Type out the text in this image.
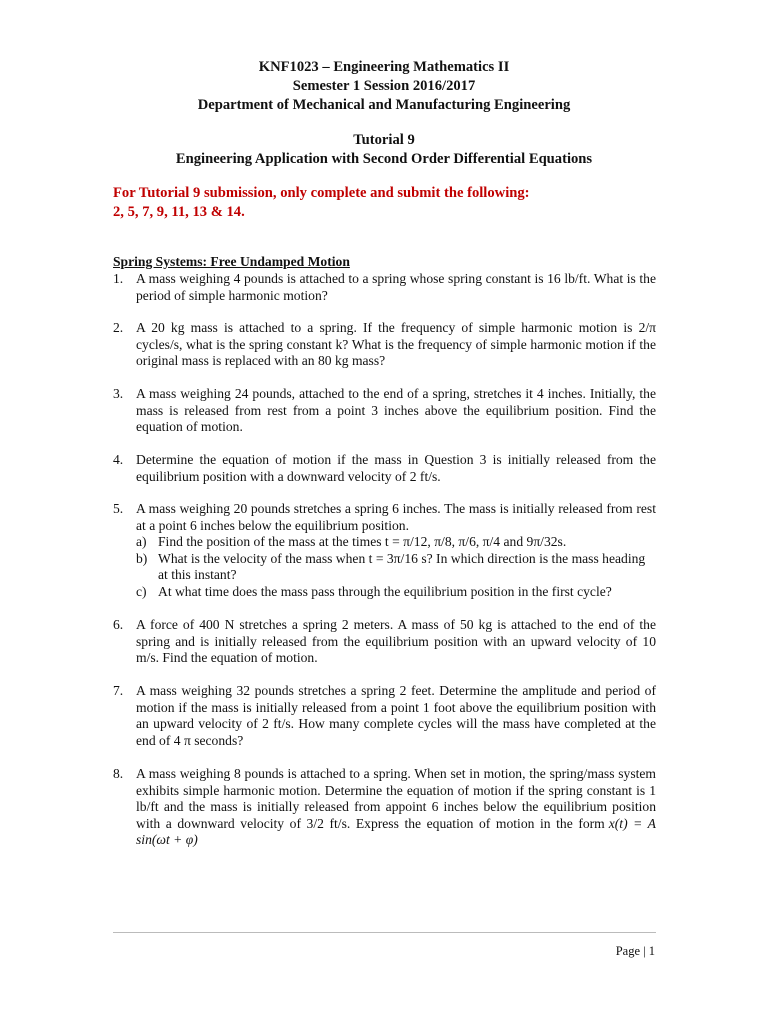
KNF1023 – Engineering Mathematics II
Semester 1 Session 2016/2017
Department of Mechanical and Manufacturing Engineering
Tutorial 9
Engineering Application with Second Order Differential Equations
For Tutorial 9 submission, only complete and submit the following:
2, 5, 7, 9, 11, 13 & 14.
Spring Systems: Free Undamped Motion
1. A mass weighing 4 pounds is attached to a spring whose spring constant is 16 lb/ft. What is the period of simple harmonic motion?
2. A 20 kg mass is attached to a spring. If the frequency of simple harmonic motion is 2/π cycles/s, what is the spring constant k? What is the frequency of simple harmonic motion if the original mass is replaced with an 80 kg mass?
3. A mass weighing 24 pounds, attached to the end of a spring, stretches it 4 inches. Initially, the mass is released from rest from a point 3 inches above the equilibrium position. Find the equation of motion.
4. Determine the equation of motion if the mass in Question 3 is initially released from the equilibrium position with a downward velocity of 2 ft/s.
5. A mass weighing 20 pounds stretches a spring 6 inches. The mass is initially released from rest at a point 6 inches below the equilibrium position.
a) Find the position of the mass at the times t = π/12, π/8, π/6, π/4 and 9π/32s.
b) What is the velocity of the mass when t = 3π/16 s? In which direction is the mass heading at this instant?
c) At what time does the mass pass through the equilibrium position in the first cycle?
6. A force of 400 N stretches a spring 2 meters. A mass of 50 kg is attached to the end of the spring and is initially released from the equilibrium position with an upward velocity of 10 m/s. Find the equation of motion.
7. A mass weighing 32 pounds stretches a spring 2 feet. Determine the amplitude and period of motion if the mass is initially released from a point 1 foot above the equilibrium position with an upward velocity of 2 ft/s. How many complete cycles will the mass have completed at the end of 4 π seconds?
8. A mass weighing 8 pounds is attached to a spring. When set in motion, the spring/mass system exhibits simple harmonic motion. Determine the equation of motion if the spring constant is 1 lb/ft and the mass is initially released from appoint 6 inches below the equilibrium position with a downward velocity of 3/2 ft/s. Express the equation of motion in the form x(t) = A sin(ωt + φ)
Page | 1
